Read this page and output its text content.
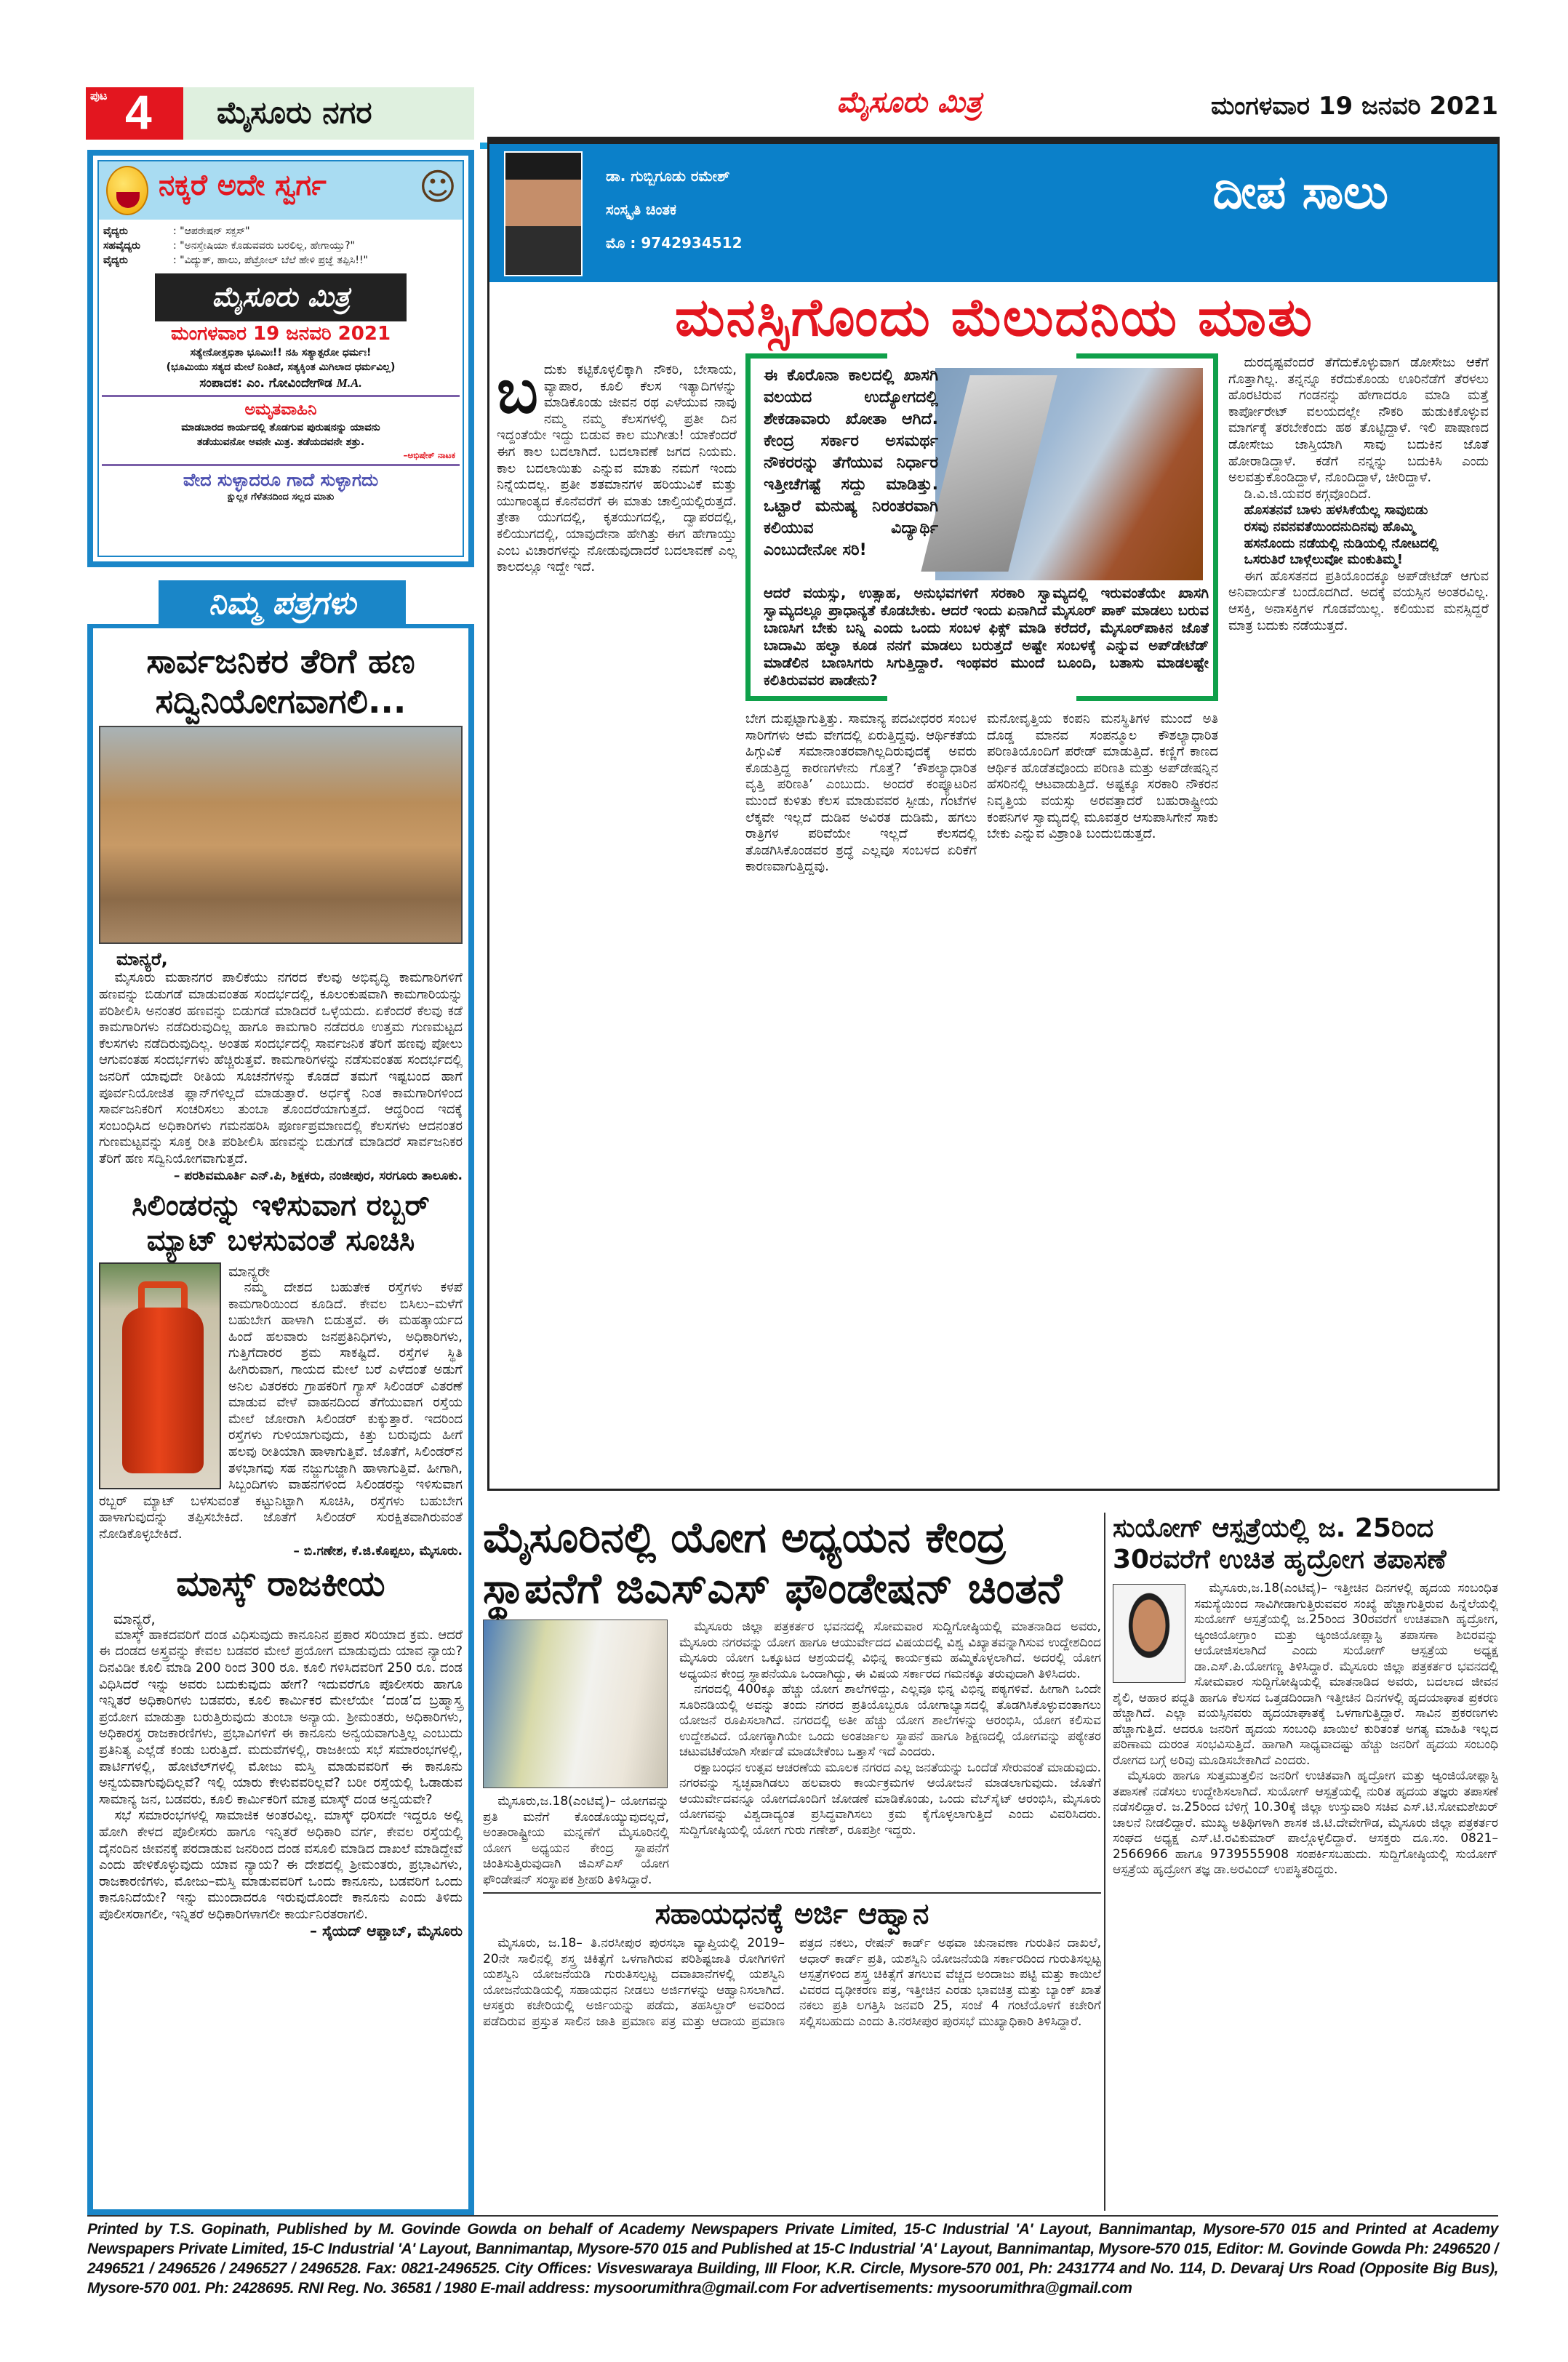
ಪುಟ 4	ಮೈಸೂರು ನಗರ	ಮೈಸೂರು ಮಿತ್ರ	ಮಂಗಳವಾರ 19 ಜನವರಿ 2021
ನಕ್ಕರೆ ಅದೇ ಸ್ವರ್ಗ	☺
ವೈದ್ಯರು	: "ಆಪರೇಷನ್ ಸಕ್ಸಸ್"
ಸಹವೈದ್ಯರು	: "ಅನಸ್ತೇಷಿಯಾ ಕೊಡುವವರು ಬರಲಿಲ್ಲ, ಹೇಗಾಯ್ತು?"
ವೈದ್ಯರು	: "ವಿದ್ಯುತ್, ಹಾಲು, ಪೆಟ್ರೋಲ್ ಬೆಲೆ ಹೇಳಿ ಪ್ರಜ್ಞೆ ತಪ್ಪಿಸಿ!!"
ಮೈಸೂರು ಮಿತ್ರ
ಮಂಗಳವಾರ 19 ಜನವರಿ 2021
ಸತ್ಯೇನೋತ್ತಭಿತಾ ಭೂಮಿಃ!! ನಹಿ ಸತ್ಯಾತ್ಪರೋ ಧರ್ಮಃ!
(ಭೂಮಿಯು ಸತ್ಯದ ಮೇಲೆ ನಿಂತಿದೆ, ಸತ್ಯಕ್ಕಿಂತ ಮಿಗಿಲಾದ ಧರ್ಮವಿಲ್ಲ)
ಸಂಪಾದಕ: ಎಂ. ಗೋವಿಂದೇಗೌಡ M.A.
ಅಮೃತವಾಹಿನಿ
ಮಾಡಬಾರದ ಕಾರ್ಯದಲ್ಲಿ ತೊಡಗುವ ಪುರುಷನನ್ನು ಯಾವನು
ತಡೆಯುವನೋ ಅವನೇ ಮಿತ್ರ. ತಡೆಯದವನೇ ಶತ್ರು.
–ಅಭಿಷೇಕ್ ನಾಟಕ
ವೇದ ಸುಳ್ಳಾದರೂ ಗಾದೆ ಸುಳ್ಳಾಗದು
ಕ್ಷುಲ್ಲಕ ಗೆಳೆತನದಿಂದ ಸಲ್ಲದ ಮಾತು
ಸಾರ್ವಜನಿಕರ ತೆರಿಗೆ ಹಣ ಸದ್ವಿನಿಯೋಗವಾಗಲಿ...

ಮಾನ್ಯರೆ,

ಮೈಸೂರು ಮಹಾನಗರ ಪಾಲಿಕೆಯು ನಗರದ ಕೆಲವು ಅಭಿವೃದ್ಧಿ ಕಾಮಗಾರಿಗಳಿಗೆ ಹಣವನ್ನು ಬಿಡುಗಡೆ ಮಾಡುವಂತಹ ಸಂದರ್ಭದಲ್ಲಿ, ಕೂಲಂಕುಷವಾಗಿ ಕಾಮಗಾರಿಯನ್ನು ಪರಿಶೀಲಿಸಿ ಅನಂತರ ಹಣವನ್ನು ಬಿಡುಗಡೆ ಮಾಡಿದರೆ ಒಳ್ಳೆಯದು. ಏಕೆಂದರೆ ಕೆಲವು ಕಡೆ ಕಾಮಗಾರಿಗಳು ನಡೆದಿರುವುದಿಲ್ಲ ಹಾಗೂ ಕಾಮಗಾರಿ ನಡೆದರೂ ಉತ್ತಮ ಗುಣಮಟ್ಟದ ಕೆಲಸಗಳು ನಡೆದಿರುವುದಿಲ್ಲ. ಅಂತಹ ಸಂದರ್ಭದಲ್ಲಿ ಸಾರ್ವಜನಿಕ ತೆರಿಗೆ ಹಣವು ಪೋಲು ಆಗುವಂತಹ ಸಂದರ್ಭಗಳು ಹೆಚ್ಚಿರುತ್ತವೆ. ಕಾಮಗಾರಿಗಳನ್ನು ನಡೆಸುವಂತಹ ಸಂದರ್ಭದಲ್ಲಿ ಜನರಿಗೆ ಯಾವುದೇ ರೀತಿಯ ಸೂಚನೆಗಳನ್ನು ಕೊಡದೆ ತಮಗೆ ಇಷ್ಟಬಂದ ಹಾಗೆ ಪೂರ್ವನಿಯೋಜಿತ ಪ್ಲಾನ್‌ಗಳಿಲ್ಲದೆ ಮಾಡುತ್ತಾರೆ. ಅರ್ಧಕ್ಕೆ ನಿಂತ ಕಾಮಗಾರಿಗಳಿಂದ ಸಾರ್ವಜನಿಕರಿಗೆ ಸಂಚರಿಸಲು ತುಂಬಾ ತೊಂದರೆಯಾಗುತ್ತದೆ. ಆದ್ದರಿಂದ ಇದಕ್ಕೆ ಸಂಬಂಧಿಸಿದ ಅಧಿಕಾರಿಗಳು ಗಮನಹರಿಸಿ ಪೂರ್ಣಪ್ರಮಾಣದಲ್ಲಿ ಕೆಲಸಗಳು ಆದನಂತರ ಗುಣಮಟ್ಟವನ್ನು ಸೂಕ್ತ ರೀತಿ ಪರಿಶೀಲಿಸಿ ಹಣವನ್ನು ಬಿಡುಗಡೆ ಮಾಡಿದರೆ ಸಾರ್ವಜನಿಕರ ತೆರಿಗೆ ಹಣ ಸದ್ವಿನಿಯೋಗವಾಗುತ್ತದೆ.

– ಪರಶಿವಮೂರ್ತಿ ಎನ್.ಪಿ, ಶಿಕ್ಷಕರು, ನಂಜೀಪುರ, ಸರಗೂರು ತಾಲೂಕು.

ಸಿಲಿಂಡರನ್ನು ಇಳಿಸುವಾಗ ರಬ್ಬರ್ ಮ್ಯಾಟ್ ಬಳಸುವಂತೆ ಸೂಚಿಸಿ

ಮಾನ್ಯರೇ

ನಮ್ಮ ದೇಶದ ಬಹುತೇಕ ರಸ್ತೆಗಳು ಕಳಪೆ ಕಾಮಗಾರಿಯಿಂದ ಕೂಡಿದೆ. ಕೇವಲ ಬಿಸಿಲು–ಮಳೆಗೆ ಬಹುಬೇಗ ಹಾಳಾಗಿ ಬಿಡುತ್ತವೆ. ಈ ಮಹತ್ಕಾರ್ಯದ ಹಿಂದೆ ಹಲವಾರು ಜನಪ್ರತಿನಿಧಿಗಳು, ಅಧಿಕಾರಿಗಳು, ಗುತ್ತಿಗೆದಾರರ ಶ್ರಮ ಸಾಕಷ್ಟಿದೆ. ರಸ್ತೆಗಳ ಸ್ಥಿತಿ ಹೀಗಿರುವಾಗ, ಗಾಯದ ಮೇಲೆ ಬರೆ ಎಳೆದಂತೆ ಅಡುಗೆ ಅನಿಲ ವಿತರಕರು ಗ್ರಾಹಕರಿಗೆ ಗ್ಯಾಸ್ ಸಿಲಿಂಡರ್ ವಿತರಣೆ ಮಾಡುವ ವೇಳೆ ವಾಹನದಿಂದ ತೆಗೆಯುವಾಗ ರಸ್ತೆಯ ಮೇಲೆ ಜೋರಾಗಿ ಸಿಲಿಂಡರ್ ಕುಕ್ಕುತ್ತಾರೆ. ಇದರಿಂದ ರಸ್ತೆಗಳು ಗುಳಿಯಾಗುವುದು, ಕಿತ್ತು ಬರುವುದು ಹೀಗೆ ಹಲವು ರೀತಿಯಾಗಿ ಹಾಳಾಗುತ್ತಿವೆ. ಜೊತೆಗೆ, ಸಿಲಿಂಡರ್‌ನ ತಳಭಾಗವು ಸಹ ನಜ್ಜುಗುಜ್ಜಾಗಿ ಹಾಳಾಗುತ್ತಿವೆ. ಹೀಗಾಗಿ, ಸಿಬ್ಬಂದಿಗಳು ವಾಹನಗಳಿಂದ ಸಿಲಿಂಡರನ್ನು ಇಳಿಸುವಾಗ ರಬ್ಬರ್ ಮ್ಯಾಟ್ ಬಳಸುವಂತೆ ಕಟ್ಟುನಿಟ್ಟಾಗಿ ಸೂಚಿಸಿ, ರಸ್ತೆಗಳು ಬಹುಬೇಗ ಹಾಳಾಗುವುದನ್ನು ತಪ್ಪಿಸಬೇಕಿದೆ. ಜೊತೆಗೆ ಸಿಲಿಂಡರ್ ಸುರಕ್ಷಿತವಾಗಿರುವಂತೆ ನೋಡಿಕೊಳ್ಳಬೇಕಿದೆ.

– ಬಿ.ಗಣೇಶ, ಕೆ.ಜಿ.ಕೊಪ್ಪಲು, ಮೈಸೂರು.

ಮಾಸ್ಕ್ ರಾಜಕೀಯ

ಮಾನ್ಯರೆ,

ಮಾಸ್ಕ್ ಹಾಕದವರಿಗೆ ದಂಡ ವಿಧಿಸುವುದು ಕಾನೂನಿನ ಪ್ರಕಾರ ಸರಿಯಾದ ಕ್ರಮ. ಆದರೆ ಈ ದಂಡದ ಅಸ್ತ್ರವನ್ನು ಕೇವಲ ಬಡವರ ಮೇಲೆ ಪ್ರಯೋಗ ಮಾಡುವುದು ಯಾವ ನ್ಯಾಯ? ದಿನವಿಡೀ ಕೂಲಿ ಮಾಡಿ 200 ರಿಂದ 300 ರೂ. ಕೂಲಿ ಗಳಿಸಿದವರಿಗೆ 250 ರೂ. ದಂಡ ವಿಧಿಸಿದರೆ ಇನ್ನು ಅವರು ಬದುಕುವುದು ಹೇಗೆ? ಇದುವರೆಗೂ ಪೊಲೀಸರು ಹಾಗೂ ಇನ್ನಿತರೆ ಅಧಿಕಾರಿಗಳು ಬಡವರು, ಕೂಲಿ ಕಾರ್ಮಿಕರ ಮೇಲೆಯೇ ‘ದಂಡ’ದ ಬ್ರಹ್ಮಾಸ್ತ್ರ ಪ್ರಯೋಗ ಮಾಡುತ್ತಾ ಬರುತ್ತಿರುವುದು ತುಂಬಾ ಅನ್ಯಾಯ. ಶ್ರೀಮಂತರು, ಅಧಿಕಾರಿಗಳು, ಅಧಿಕಾರಸ್ಥ ರಾಜಕಾರಣಿಗಳು, ಪ್ರಭಾವಿಗಳಿಗೆ ಈ ಕಾನೂನು ಅನ್ವಯವಾಗುತ್ತಿಲ್ಲ ಎಂಬುದು ಪ್ರತಿನಿತ್ಯ ಎಲ್ಲೆಡೆ ಕಂಡು ಬರುತ್ತಿದೆ. ಮದುವೆಗಳಲ್ಲಿ, ರಾಜಕೀಯ ಸಭೆ ಸಮಾರಂಭಗಳಲ್ಲಿ, ಪಾರ್ಟಿಗಳಲ್ಲಿ, ಹೋಟೆಲ್‌ಗಳಲ್ಲಿ ಮೋಜು ಮಸ್ತಿ ಮಾಡುವವರಿಗೆ ಈ ಕಾನೂನು ಅನ್ವಯವಾಗುವುದಿಲ್ಲವೆ? ಇಲ್ಲಿ ಯಾರು ಕೇಳುವವರಿಲ್ಲವೆ? ಬರೀ ರಸ್ತೆಯಲ್ಲಿ ಓಡಾಡುವ ಸಾಮಾನ್ಯ ಜನ, ಬಡವರು, ಕೂಲಿ ಕಾರ್ಮಿಕರಿಗೆ ಮಾತ್ರ ಮಾಸ್ಕ್ ದಂಡ ಅನ್ವಯವೇ?

ಸಭೆ ಸಮಾರಂಭಗಳಲ್ಲಿ ಸಾಮಾಜಿಕ ಅಂತರವಿಲ್ಲ. ಮಾಸ್ಕ್ ಧರಿಸದೇ ಇದ್ದರೂ ಅಲ್ಲಿ ಹೋಗಿ ಕೇಳದ ಪೊಲೀಸರು ಹಾಗೂ ಇನ್ನಿತರೆ ಅಧಿಕಾರಿ ವರ್ಗ, ಕೇವಲ ರಸ್ತೆಯಲ್ಲಿ ದೈನಂದಿನ ಜೀವನಕ್ಕೆ ಪರದಾಡುವ ಜನರಿಂದ ದಂಡ ವಸೂಲಿ ಮಾಡಿದ ದಾಖಲೆ ಮಾಡಿದ್ದೇವೆ ಎಂದು ಹೇಳಿಕೊಳ್ಳುವುದು ಯಾವ ನ್ಯಾಯ? ಈ ದೇಶದಲ್ಲಿ ಶ್ರೀಮಂತರು, ಪ್ರಭಾವಿಗಳು, ರಾಜಕಾರಣಿಗಳು, ಮೋಜು–ಮಸ್ತಿ ಮಾಡುವವರಿಗೆ ಒಂದು ಕಾನೂನು, ಬಡವರಿಗೆ ಒಂದು ಕಾನೂನಿದೆಯೇ? ಇನ್ನು ಮುಂದಾದರೂ ಇರುವುದೊಂದೇ ಕಾನೂನು ಎಂದು ತಿಳಿದು ಪೊಲೀಸರಾಗಲೀ, ಇನ್ನಿತರೆ ಅಧಿಕಾರಿಗಳಾಗಲೀ ಕಾರ್ಯನಿರತರಾಗಲಿ.

– ಸೈಯದ್ ಆಫ್ತಾಬ್, ಮೈಸೂರು

ನಿಮ್ಮ ಪತ್ರಗಳು
ಡಾ. ಗುಬ್ಬಿಗೂಡು ರಮೇಶ್
ಸಂಸ್ಕೃತಿ ಚಿಂತಕ
ಮೊ : 9742934512
ದೀಪ ಸಾಲು
ಮನಸ್ಸಿಗೊಂದು ಮೆಲುದನಿಯ ಮಾತು

ಬದುಕು ಕಟ್ಟಿಕೊಳ್ಳಲಿಕ್ಕಾಗಿ ನೌಕರಿ, ಬೇಸಾಯ, ವ್ಯಾಪಾರ, ಕೂಲಿ ಕೆಲಸ ಇತ್ಯಾದಿಗಳನ್ನು ಮಾಡಿಕೊಂಡು ಜೀವನ ರಥ ಎಳೆಯುವ ನಾವು ನಮ್ಮ ನಮ್ಮ ಕೆಲಸಗಳಲ್ಲಿ ಪ್ರತೀ ದಿನ ಇದ್ದಂತೆಯೇ ಇದ್ದು ಬಿಡುವ ಕಾಲ ಮುಗೀತು! ಯಾಕೆಂದರೆ ಈಗ ಕಾಲ ಬದಲಾಗಿದೆ. ಬದಲಾವಣೆ ಜಗದ ನಿಯಮ. ಕಾಲ ಬದಲಾಯಿತು ಎನ್ನುವ ಮಾತು ನಮಗೆ ಇಂದು ನಿನ್ನೆಯದಲ್ಲ. ಪ್ರತೀ ಶತಮಾನಗಳ ಹರಿಯುವಿಕೆ ಮತ್ತು ಯುಗಾಂತ್ಯದ ಕೊನೆವರೆಗೆ ಈ ಮಾತು ಚಾಲ್ತಿಯಲ್ಲಿರುತ್ತದೆ. ತ್ರೇತಾ ಯುಗದಲ್ಲಿ, ಕೃತಯುಗದಲ್ಲಿ, ದ್ವಾಪರದಲ್ಲಿ, ಕಲಿಯುಗದಲ್ಲಿ, ಯಾವುದೇನಾ ಹೇಗಿತ್ತು ಈಗ ಹೇಗಾಯ್ತು ಎಂಬ ವಿಚಾರಗಳನ್ನು ನೋಡುವುದಾದರೆ ಬದಲಾವಣೆ ಎಲ್ಲ ಕಾಲದಲ್ಲೂ ಇದ್ದೇ ಇದೆ.

ಈ ಕೊರೊನಾ ಕಾಲದಲ್ಲಿ ಖಾಸಗಿ ವಲಯದ ಉದ್ಯೋಗದಲ್ಲಿ ಶೇಕಡಾವಾರು ಖೋತಾ ಆಗಿದೆ. ಕೇಂದ್ರ ಸರ್ಕಾರ ಅಸಮರ್ಥ ನೌಕರರನ್ನು ತೆಗೆಯುವ ನಿರ್ಧಾರ ಇತ್ತೀಚೆಗಷ್ಟೆ ಸದ್ದು ಮಾಡಿತ್ತು. ಒಟ್ಟಾರೆ ಮನುಷ್ಯ ನಿರಂತರವಾಗಿ ಕಲಿಯುವ ವಿದ್ಯಾರ್ಥಿ ಎಂಬುದೇನೋ ಸರಿ!

ಆದರೆ ವಯಸ್ಸು, ಉತ್ಸಾಹ, ಅನುಭವಗಳಿಗೆ ಸರಕಾರಿ ಸ್ವಾಮ್ಯದಲ್ಲಿ ಇರುವಂತೆಯೇ ಖಾಸಗಿ ಸ್ವಾಮ್ಯದಲ್ಲೂ ಪ್ರಾಧಾನ್ಯತೆ ಕೊಡಬೇಕು. ಆದರೆ ಇಂದು ಏನಾಗಿದೆ ಮೈಸೂರ್ ಪಾಕ್ ಮಾಡಲು ಬರುವ ಬಾಣಸಿಗ ಬೇಕು ಬನ್ನಿ ಎಂದು ಒಂದು ಸಂಬಳ ಫಿಕ್ಸ್ ಮಾಡಿ ಕರೆದರೆ, ಮೈಸೂರ್‌ಪಾಕಿನ ಜೊತೆ ಬಾದಾಮಿ ಹಲ್ವಾ ಕೂಡ ನನಗೆ ಮಾಡಲು ಬರುತ್ತದೆ ಅಷ್ಟೇ ಸಂಬಳಕ್ಕೆ ಎನ್ನುವ ಅಪ್‌ಡೇಟೆಡ್ ಮಾಡೆಲಿನ ಬಾಣಸಿಗರು ಸಿಗುತ್ತಿದ್ದಾರೆ. ಇಂಥವರ ಮುಂದೆ ಬೂಂದಿ, ಬತಾಸು ಮಾಡಲಷ್ಟೇ ಕಲಿತಿರುವವರ ಪಾಡೇನು?

ಬೇಗ ದುಪ್ಪಟ್ಟಾಗುತ್ತಿತ್ತು. ಸಾಮಾನ್ಯ ಪದವೀಧರರ ಸಂಬಳ ಸಾರಿಗೆಗಳು ಆಮೆ ವೇಗದಲ್ಲಿ ಏರುತ್ತಿದ್ದವು. ಆರ್ಥಿಕತೆಯ ಹಿಗ್ಗುವಿಕೆ ಸಮಾನಾಂತರವಾಗಿಲ್ಲದಿರುವುದಕ್ಕೆ ಅವರು ಕೊಡುತ್ತಿದ್ದ ಕಾರಣಗಳೇನು ಗೊತ್ತೆ? ‘ಕೌಶಲ್ಯಾಧಾರಿತ ವೃತ್ತಿ ಪರಿಣತಿ’ ಎಂಬುದು. ಅಂದರೆ ಕಂಪ್ಯೂಟರಿನ ಮುಂದೆ ಕುಳಿತು ಕೆಲಸ ಮಾಡುವವರ ಸ್ಪೀಡು, ಗಂಟೆಗಳ ಲೆಕ್ಕವೇ ಇಲ್ಲದೆ ದುಡಿವ ಅವಿರತ ದುಡಿಮೆ, ಹಗಲು ರಾತ್ರಿಗಳ ಪರಿವೆಯೇ ಇಲ್ಲದೆ ಕೆಲಸದಲ್ಲಿ ತೊಡಗಿಸಿಕೊಂಡವರ ಶ್ರದ್ಧೆ ಎಲ್ಲವೂ ಸಂಬಳದ ಏರಿಕೆಗೆ ಕಾರಣವಾಗುತ್ತಿದ್ದವು.

ಮನೋವೃತ್ತಿಯ ಕಂಪನಿ ಮನಸ್ಥಿತಿಗಳ ಮುಂದೆ ಅತಿ ದೊಡ್ಡ ಮಾನವ ಸಂಪನ್ಮೂಲ ಕೌಶಲ್ಯಾಧಾರಿತ ಪರಿಣತಿಯೊಂದಿಗೆ ಪರೇಡ್ ಮಾಡುತ್ತಿದೆ. ಕಣ್ಣಿಗೆ ಕಾಣದ ಆರ್ಥಿಕ ಹೊಡೆತವೊಂದು ಪರಿಣತಿ ಮತ್ತು ಅಪ್‌ಡೇಷನ್ನಿನ ಹೆಸರಿನಲ್ಲಿ ಆಟವಾಡುತ್ತಿದೆ. ಅಷ್ಟಕ್ಕೂ ಸರಕಾರಿ ನೌಕರನ ನಿವೃತ್ತಿಯ ವಯಸ್ಸು ಅರವತ್ತಾದರೆ ಬಹುರಾಷ್ಟ್ರೀಯ ಕಂಪನಿಗಳ ಸ್ವಾಮ್ಯದಲ್ಲಿ ಮೂವತ್ತರ ಆಸುಪಾಸಿಗೇನೆ ಸಾಕು ಬೇಕು ಎನ್ನುವ ವಿಶ್ರಾಂತಿ ಬಂದುಬಿಡುತ್ತದೆ.

ದುರದೃಷ್ಟವೆಂದರೆ ತೆಗೆದುಕೊಳ್ಳುವಾಗ ಡೋಸೇಜು ಆಕೆಗೆ ಗೊತ್ತಾಗಿಲ್ಲ. ತನ್ನನ್ನೂ ಕರೆದುಕೊಂಡು ಊರಿನೆಡೆಗೆ ತೆರಳಲು ಹೊರಟಿರುವ ಗಂಡನನ್ನು ಹೇಗಾದರೂ ಮಾಡಿ ಮತ್ತೆ ಕಾರ್ಪೋರೇಟ್ ವಲಯದಲ್ಲೇ ನೌಕರಿ ಹುಡುಕಿಕೊಳ್ಳುವ ಮಾರ್ಗಕ್ಕೆ ತರಬೇಕೆಂದು ಹಠ ತೊಟ್ಟಿದ್ದಾಳೆ. ಇಲಿ ಪಾಷಾಣದ ಡೋಸೇಜು ಜಾಸ್ತಿಯಾಗಿ ಸಾವು ಬದುಕಿನ ಜೊತೆ ಹೋರಾಡಿದ್ದಾಳೆ. ಕಡೆಗೆ ನನ್ನನ್ನು ಬದುಕಿಸಿ ಎಂದು ಅಲವತ್ತುಕೊಂಡಿದ್ದಾಳೆ, ನೊಂದಿದ್ದಾಳೆ, ಚೀರಿದ್ದಾಳೆ.

ಡಿ.ವಿ.ಜಿ.ಯವರ ಕಗ್ಗವೊಂದಿದೆ.

ಹೊಸತನವೆ ಬಾಳು ಹಳಸಿಕೆಯೆಲ್ಲ ಸಾವುಬಿಡು

ರಸವು ನವನವತೆಯಿಂದನುದಿನವು ಹೊಮ್ಮಿ

ಹಸನೊಂದು ನಡೆಯಲ್ಲಿ ನುಡಿಯಲ್ಲಿ ನೋಟದಲ್ಲಿ

ಒಸರುತಿರೆ ಬಾಳ್ಗೆಲುವೋ ಮಂಕುತಿಮ್ಮ!

ಈಗ ಹೊಸತನದ ಪ್ರತಿಯೊಂದಕ್ಕೂ ಅಪ್‌ಡೇಟೆಡ್ ಆಗುವ ಅನಿವಾರ್ಯತೆ ಬಂದೊದಗಿದೆ. ಅದಕ್ಕೆ ವಯಸ್ಸಿನ ಅಂತರವಿಲ್ಲ. ಆಸಕ್ತಿ, ಅನಾಸಕ್ತಿಗಳ ಗೊಡವೆಯಿಲ್ಲ. ಕಲಿಯುವ ಮನಸ್ಸಿದ್ದರೆ ಮಾತ್ರ ಬದುಕು ನಡೆಯುತ್ತದೆ.

ಮೈಸೂರಿನಲ್ಲಿ ಯೋಗ ಅಧ್ಯಯನ ಕೇಂದ್ರ
ಸ್ಥಾಪನೆಗೆ ಜಿಎಸ್‌ಎಸ್ ಫೌಂಡೇಷನ್ ಚಿಂತನೆ

ಮೈಸೂರು,ಜ.18(ಎಂಟಿವೈ)– ಯೋಗವನ್ನು ಪ್ರತಿ ಮನೆಗೆ ಕೊಂಡೊಯ್ಯುವುದಲ್ಲದೆ, ಅಂತಾರಾಷ್ಟ್ರೀಯ ಮನ್ನಣೆಗೆ ಮೈಸೂರಿನಲ್ಲಿ ಯೋಗ ಅಧ್ಯಯನ ಕೇಂದ್ರ ಸ್ಥಾಪನೆಗೆ ಚಿಂತಿಸುತ್ತಿರುವುದಾಗಿ ಜಿಎಸ್‌ಎಸ್ ಯೋಗ ಫೌಂಡೇಷನ್ ಸಂಸ್ಥಾಪಕ ಶ್ರೀಹರಿ ತಿಳಿಸಿದ್ದಾರೆ.

ಮೈಸೂರು ಜಿಲ್ಲಾ ಪತ್ರಕರ್ತರ ಭವನದಲ್ಲಿ ಸೋಮವಾರ ಸುದ್ದಿಗೋಷ್ಠಿಯಲ್ಲಿ ಮಾತನಾಡಿದ ಅವರು, ಮೈಸೂರು ನಗರವನ್ನು ಯೋಗ ಹಾಗೂ ಆಯುರ್ವೇದದ ವಿಷಯದಲ್ಲಿ ವಿಶ್ವ ವಿಖ್ಯಾತವನ್ನಾಗಿಸುವ ಉದ್ದೇಶದಿಂದ ಮೈಸೂರು ಯೋಗ ಒಕ್ಕೂಟದ ಆಶ್ರಯದಲ್ಲಿ ವಿಭಿನ್ನ ಕಾರ್ಯಕ್ರಮ ಹಮ್ಮಿಕೊಳ್ಳಲಾಗಿದೆ. ಅದರಲ್ಲಿ ಯೋಗ ಅಧ್ಯಯನ ಕೇಂದ್ರ ಸ್ಥಾಪನೆಯೂ ಒಂದಾಗಿದ್ದು, ಈ ವಿಷಯ ಸರ್ಕಾರದ ಗಮನಕ್ಕೂ ತರುವುದಾಗಿ ತಿಳಿಸಿದರು.

ನಗರದಲ್ಲಿ 400ಕ್ಕೂ ಹೆಚ್ಚು ಯೋಗ ಶಾಲೆಗಳಿದ್ದು, ಎಲ್ಲವೂ ಭಿನ್ನ ವಿಭಿನ್ನ ಪಠ್ಯಗಳಿವೆ. ಹೀಗಾಗಿ ಒಂದೇ ಸೂರಿನಡಿಯಲ್ಲಿ ಅವನ್ನು ತಂದು ನಗರದ ಪ್ರತಿಯೊಬ್ಬರೂ ಯೋಗಾಭ್ಯಾಸದಲ್ಲಿ ತೊಡಗಿಸಿಕೊಳ್ಳುವಂತಾಗಲು ಯೋಜನೆ ರೂಪಿಸಲಾಗಿದೆ. ನಗರದಲ್ಲಿ ಅತೀ ಹೆಚ್ಚು ಯೋಗ ಶಾಲೆಗಳನ್ನು ಆರಂಭಿಸಿ, ಯೋಗ ಕಲಿಸುವ ಉದ್ದೇಶವಿದೆ. ಯೋಗಕ್ಕಾಗಿಯೇ ಒಂದು ಅಂತರ್ಜಾಲ ಸ್ಥಾಪನೆ ಹಾಗೂ ಶಿಕ್ಷಣದಲ್ಲಿ ಯೋಗವನ್ನು ಪಠ್ಯೇತರ ಚಟುವಟಿಕೆಯಾಗಿ ಸೇರ್ಪಡೆ ಮಾಡಬೇಕೆಂಬ ಒತ್ತಾಸೆ ಇದೆ ಎಂದರು.

ರಕ್ಷಾಬಂಧನ ಉತ್ಸವ ಆಚರಣೆಯ ಮೂಲಕ ನಗರದ ಎಲ್ಲ ಜನತೆಯನ್ನು ಒಂದೆಡೆ ಸೇರುವಂತೆ ಮಾಡುವುದು. ನಗರವನ್ನು ಸ್ವಚ್ಛವಾಗಿಡಲು ಹಲವಾರು ಕಾರ್ಯಕ್ರಮಗಳ ಆಯೋಜನೆ ಮಾಡಲಾಗುವುದು. ಜೊತೆಗೆ ಆಯುರ್ವೇದವನ್ನೂ ಯೋಗದೊಂದಿಗೆ ಜೋಡಣೆ ಮಾಡಿಕೊಂಡು, ಒಂದು ವೆಬ್‌ಸೈಟ್ ಆರಂಭಿಸಿ, ಮೈಸೂರು ಯೋಗವನ್ನು ವಿಶ್ವದಾದ್ಯಂತ ಪ್ರಸಿದ್ಧವಾಗಿಸಲು ಕ್ರಮ ಕೈಗೊಳ್ಳಲಾಗುತ್ತಿದೆ ಎಂದು ವಿವರಿಸಿದರು. ಸುದ್ದಿಗೋಷ್ಠಿಯಲ್ಲಿ ಯೋಗ ಗುರು ಗಣೇಶ್, ರೂಪಶ್ರೀ ಇದ್ದರು.

ಸಹಾಯಧನಕ್ಕೆ ಅರ್ಜಿ ಆಹ್ವಾನ

ಮೈಸೂರು, ಜ.18– ತಿ.ನರಸೀಪುರ ಪುರಸಭಾ ವ್ಯಾಪ್ತಿಯಲ್ಲಿ 2019–20ನೇ ಸಾಲಿನಲ್ಲಿ ಶಸ್ತ್ರ ಚಿಕಿತ್ಸೆಗೆ ಒಳಗಾಗಿರುವ ಪರಿಶಿಷ್ಟಜಾತಿ ರೋಗಿಗಳಿಗೆ ಯಶಸ್ವಿನಿ ಯೋಜನೆಯಡಿ ಗುರುತಿಸಲ್ಪಟ್ಟ ದವಾಖಾನೆಗಳಲ್ಲಿ ಯಶಸ್ವಿನಿ ಯೋಜನೆಯಡಿಯಲ್ಲಿ ಸಹಾಯಧನ ನೀಡಲು ಅರ್ಜಿಗಳನ್ನು ಆಹ್ವಾನಿಸಲಾಗಿದೆ. ಆಸಕ್ತರು ಕಚೇರಿಯಲ್ಲಿ ಅರ್ಜಿಯನ್ನು ಪಡೆದು, ತಹಸಿಲ್ದಾರ್ ಅವರಿಂದ ಪಡೆದಿರುವ ಪ್ರಸ್ತುತ ಸಾಲಿನ ಜಾತಿ ಪ್ರಮಾಣ ಪತ್ರ ಮತ್ತು ಆದಾಯ ಪ್ರಮಾಣ ಪತ್ರದ ನಕಲು, ರೇಷನ್ ಕಾರ್ಡ್ ಅಥವಾ ಚುನಾವಣಾ ಗುರುತಿನ ದಾಖಲೆ, ಆಧಾರ್ ಕಾರ್ಡ್ ಪ್ರತಿ, ಯಶಸ್ವಿನಿ ಯೋಜನೆಯಡಿ ಸರ್ಕಾರದಿಂದ ಗುರುತಿಸಲ್ಪಟ್ಟ ಆಸ್ಪತ್ರೆಗಳಿಂದ ಶಸ್ತ್ರ ಚಿಕಿತ್ಸೆಗೆ ತಗಲುವ ವೆಚ್ಚದ ಅಂದಾಜು ಪಟ್ಟಿ ಮತ್ತು ಕಾಯಿಲೆ ವಿವರದ ದೃಢೀಕರಣ ಪತ್ರ, ಇತ್ತೀಚಿನ ಎರಡು ಭಾವಚಿತ್ರ ಮತ್ತು ಬ್ಯಾಂಕ್ ಖಾತೆ ನಕಲು ಪ್ರತಿ ಲಗತ್ತಿಸಿ ಜನವರಿ 25, ಸಂಜೆ 4 ಗಂಟೆಯೊಳಗೆ ಕಚೇರಿಗೆ ಸಲ್ಲಿಸಬಹುದು ಎಂದು ತಿ.ನರಸೀಪುರ ಪುರಸಭೆ ಮುಖ್ಯಾಧಿಕಾರಿ ತಿಳಿಸಿದ್ದಾರೆ.

ಸುಯೋಗ್ ಆಸ್ಪತ್ರೆಯಲ್ಲಿ ಜ. 25ರಿಂದ
30ರವರೆಗೆ ಉಚಿತ ಹೃದ್ರೋಗ ತಪಾಸಣೆ

ಮೈಸೂರು,ಜ.18(ಎಂಟಿವೈ)– ಇತ್ತೀಚಿನ ದಿನಗಳಲ್ಲಿ ಹೃದಯ ಸಂಬಂಧಿತ ಸಮಸ್ಯೆಯಿಂದ ಸಾವಿಗೀಡಾಗುತ್ತಿರುವವರ ಸಂಖ್ಯೆ ಹೆಚ್ಚಾಗುತ್ತಿರುವ ಹಿನ್ನೆಲೆಯಲ್ಲಿ ಸುಯೋಗ್ ಆಸ್ಪತ್ರೆಯಲ್ಲಿ ಜ.25ರಿಂದ 30ರವರೆಗೆ ಉಚಿತವಾಗಿ ಹೃದ್ರೋಗ, ಆ್ಯಂಜಿಯೋಗ್ರಾಂ ಮತ್ತು ಆ್ಯಂಜಿಯೋಪ್ಲಾಸ್ಟಿ ತಪಾಸಣಾ ಶಿಬಿರವನ್ನು ಆಯೋಜಿಸಲಾಗಿದೆ ಎಂದು ಸುಯೋಗ್ ಆಸ್ಪತ್ರೆಯ ಅಧ್ಯಕ್ಷ ಡಾ.ಎಸ್.ಪಿ.ಯೋಗಣ್ಣ ತಿಳಿಸಿದ್ದಾರೆ. ಮೈಸೂರು ಜಿಲ್ಲಾ ಪತ್ರಕರ್ತರ ಭವನದಲ್ಲಿ ಸೋಮವಾರ ಸುದ್ದಿಗೋಷ್ಠಿಯಲ್ಲಿ ಮಾತನಾಡಿದ ಅವರು, ಬದಲಾದ ಜೀವನ ಶೈಲಿ, ಆಹಾರ ಪದ್ಧತಿ ಹಾಗೂ ಕೆಲಸದ ಒತ್ತಡದಿಂದಾಗಿ ಇತ್ತೀಚಿನ ದಿನಗಳಲ್ಲಿ ಹೃದಯಾಘಾತ ಪ್ರಕರಣ ಹೆಚ್ಚಾಗಿದೆ. ಎಲ್ಲಾ ವಯಸ್ಸಿನವರು ಹೃದಯಾಘಾತಕ್ಕೆ ಒಳಗಾಗುತ್ತಿದ್ದಾರೆ. ಸಾವಿನ ಪ್ರಕರಣಗಳು ಹೆಚ್ಚಾಗುತ್ತಿದೆ. ಆದರೂ ಜನರಿಗೆ ಹೃದಯ ಸಂಬಂಧಿ ಖಾಯಿಲೆ ಕುರಿತಂತೆ ಅಗತ್ಯ ಮಾಹಿತಿ ಇಲ್ಲದ ಪರಿಣಾಮ ದುರಂತ ಸಂಭವಿಸುತ್ತಿದೆ. ಹಾಗಾಗಿ ಸಾಧ್ಯವಾದಷ್ಟು ಹೆಚ್ಚು ಜನರಿಗೆ ಹೃದಯ ಸಂಬಂಧಿ ರೋಗದ ಬಗ್ಗೆ ಅರಿವು ಮೂಡಿಸಬೇಕಾಗಿದೆ ಎಂದರು.

ಮೈಸೂರು ಹಾಗೂ ಸುತ್ತಮುತ್ತಲಿನ ಜನರಿಗೆ ಉಚಿತವಾಗಿ ಹೃದ್ರೋಗ ಮತ್ತು ಆ್ಯಂಜಿಯೋಪ್ಲಾಸ್ಟಿ ತಪಾಸಣೆ ನಡೆಸಲು ಉದ್ದೇಶಿಸಲಾಗಿದೆ. ಸುಯೋಗ್ ಆಸ್ಪತ್ರೆಯಲ್ಲಿ ನುರಿತ ಹೃದಯ ತಜ್ಞರು ತಪಾಸಣೆ ನಡೆಸಲಿದ್ದಾರೆ. ಜ.25ರಿಂದ ಬೆಳಿಗ್ಗೆ 10.30ಕ್ಕೆ ಜಿಲ್ಲಾ ಉಸ್ತುವಾರಿ ಸಚಿವ ಎಸ್.ಟಿ.ಸೋಮಶೇಖರ್ ಚಾಲನೆ ನೀಡಲಿದ್ದಾರೆ. ಮುಖ್ಯ ಅತಿಥಿಗಳಾಗಿ ಶಾಸಕ ಜಿ.ಟಿ.ದೇವೇಗೌಡ, ಮೈಸೂರು ಜಿಲ್ಲಾ ಪತ್ರಕರ್ತರ ಸಂಘದ ಅಧ್ಯಕ್ಷ ಎಸ್.ಟಿ.ರವಿಕುಮಾರ್ ಪಾಲ್ಗೊಳ್ಳಲಿದ್ದಾರೆ. ಆಸಕ್ತರು ದೂ.ಸಂ. 0821–2566966 ಹಾಗೂ 9739555908 ಸಂಪರ್ಕಿಸಬಹುದು. ಸುದ್ದಿಗೋಷ್ಠಿಯಲ್ಲಿ ಸುಯೋಗ್ ಆಸ್ಪತ್ರೆಯ ಹೃದ್ರೋಗ ತಜ್ಞ ಡಾ.ಅರವಿಂದ್ ಉಪಸ್ಥಿತರಿದ್ದರು.

Printed by T.S. Gopinath, Published by M. Govinde Gowda on behalf of Academy Newspapers Private Limited, 15-C Industrial 'A' Layout, Bannimantap, Mysore-570 015 and Printed at Academy Newspapers Private Limited, 15-C Industrial 'A' Layout, Bannimantap, Mysore-570 015 and Published at 15-C Industrial 'A' Layout, Bannimantap, Mysore-570 015, Editor: M. Govinde Gowda Ph: 2496520 / 2496521 / 2496526 / 2496527 / 2496528. Fax: 0821-2496525. City Offices: Visveswaraya Building, III Floor, K.R. Circle, Mysore-570 001, Ph: 2431774 and No. 114, D. Devaraj Urs Road (Opposite Big Bus), Mysore-570 001. Ph: 2428695. RNI Reg. No. 36581 / 1980 E-mail address: mysoorumithra@gmail.com For advertisements: mysoorumithra@gmail.com
